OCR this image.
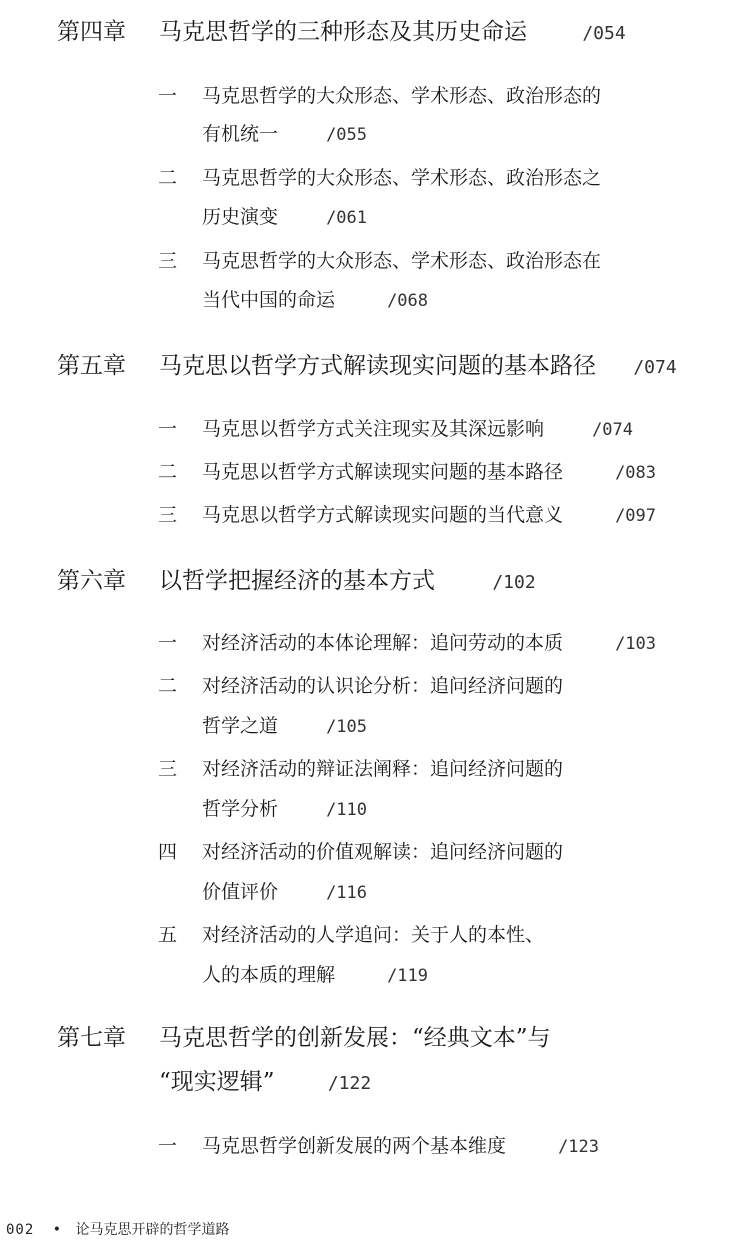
第四章 马克思哲学的三种形态及其历史命运	/054
一 马克思哲学的大众形态、学术形态、政治形态的
有机统一	/055
二 马克思哲学的大众形态、学术形态、政治形态之
历史演变	/061
三 马克思哲学的大众形态、学术形态、政治形态在
当代中国的命运	/068
第五章 马克思以哲学方式解读现实问题的基本路径 /074
一 马克思以哲学方式关注现实及其深远影响	/074
二 马克思以哲学方式解读现实问题的基本路径	/083
三 马克思以哲学方式解读现实问题的当代意义	/097
第六章 以哲学把握经济的基本方式	/102
一 对经济活动的本体论理解：追问劳动的本质	/103
二 对经济活动的认识论分析：追问经济问题的
哲学之道	/105
三 对经济活动的辩证法阐释：追问经济问题的
哲学分析	/110
四 对经济活动的价值观解读：追问经济问题的
价值评价	/116
五 对经济活动的人学追问：关于人的本性、
人的本质的理解	/119
第七章 马克思哲学的创新发展：“经典文本”与
“现实逻辑”	/122
一 马克思哲学创新发展的两个基本维度	/123
002 • 论马克思开辟的哲学道路
